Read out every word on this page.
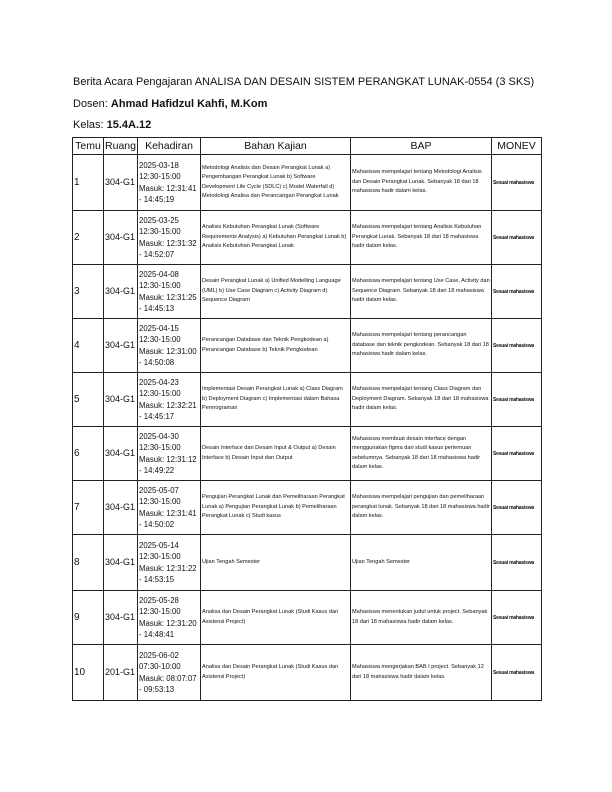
Berita Acara Pengajaran ANALISA DAN DESAIN SISTEM PERANGKAT LUNAK-0554 (3 SKS)

Dosen: Ahmad Hafidzul Kahfi, M.Kom

Kelas: 15.4A.12

Temu	Ruang	Kehadiran	Bahan Kajian	BAP	MONEV
1	304-G1	2025-03-18
12:30-15:00
Masuk: 12:31:41
- 14:45:19	Metodologi Analisis dan Desain Perangkat Lunak a) Pengembangan Perangkat Lunak b) Software Development Life Cycle (SDLC) c) Model Waterfall d) Metodologi Analisa dan Perancangan Perangkat Lunak	Mahasiswa mempelajari tentang Metodologi Analisis dan Desain Perangkat Lunak. Sebanyak 18 dari 18 mahasiswa hadir dalam kelas.	Sesuai mahasiswa
2	304-G1	2025-03-25
12:30-15:00
Masuk: 12:31:32
- 14:52:07	Analisis Kebutuhan Perangkat Lunak (Software Requirements Analysis) a) Kebutuhan Perangkat Lunak b) Analisis Kebutuhan Perangkat Lunak	Mahasiswa mempelajari tentang Analisis Kebutuhan Perangkat Lunak. Sebanyak 18 dari 18 mahasiswa hadir dalam kelas.	Sesuai mahasiswa
3	304-G1	2025-04-08
12:30-15:00
Masuk: 12:31:25
- 14:45:13	Desain Perangkat Lunak a) Unified Modelling Language (UML) b) Use Case Diagram c) Activity Diagram d) Sequence Diagram	Mahasiswa mempelajari tentang Use Case, Activity dan Sequence Diagram. Sebanyak 18 dari 18 mahasiswa hadir dalam kelas.	Sesuai mahasiswa
4	304-G1	2025-04-15
12:30-15:00
Masuk: 12:31:00
- 14:50:08	Perancangan Database dan Teknik Pengkodean a) Perancangan Database b) Teknik Pengkodean	Mahasiswa mempelajari tentang perancangan database dan teknik pengkodean. Sebanyak 18 dari 18 mahasiswa hadir dalam kelas.	Sesuai mahasiswa
5	304-G1	2025-04-23
12:30-15:00
Masuk: 12:32:21
- 14:45:17	Implementasi Desain Perangkat Lunak a) Class Diagram b) Deployment Diagram c) Implementasi dalam Bahasa Pemrograman	Mahasiswa mempelajari tentang Class Diagram dan Deployment Diagram. Sebanyak 18 dari 18 mahasiswa hadir dalam kelas.	Sesuai mahasiswa
6	304-G1	2025-04-30
12:30-15:00
Masuk: 12:31:12
- 14:49:22	Desain Interface dan Desain Input & Output a) Desain Interface b) Desain Input dan Output	Mahasiswa membuat desain interface dengan menggunakan figma dari studi kasus pertemuan sebelumnya. Sebanyak 18 dari 18 mahasiswa hadir dalam kelas.	Sesuai mahasiswa
7	304-G1	2025-05-07
12:30-15:00
Masuk: 12:31:41
- 14:50:02	Pengujian Perangkat Lunak dan Pemeliharaan Perangkat Lunak a) Pengujian Perangkat Lunak b) Pemeliharaan Perangkat Lunak c) Studi kasus	Mahasiswa mempelajari pengujian dan pemeliharaan perangkat lunak. Sebanyak 18 dari 18 mahasiswa hadir dalam kelas.	Sesuai mahasiswa
8	304-G1	2025-05-14
12:30-15:00
Masuk: 12:31:22
- 14:53:15	Ujian Tengah Semester	Ujian Tengah Semester	Sesuai mahasiswa
9	304-G1	2025-05-28
12:30-15:00
Masuk: 12:31:20
- 14:48:41	Analisa dan Desain Perangkat Lunak (Studi Kasus dan Asistensi Project)	Mahasiswa menentukan judul untuk project. Sebanyak 18 dari 18 mahasiswa hadir dalam kelas.	Sesuai mahasiswa
10	201-G1	2025-06-02
07:30-10:00
Masuk: 08:07:07
- 09:53:13	Analisa dan Desain Perangkat Lunak (Studi Kasus dan Asistensi Project)	Mahasiswa mengerjakan BAB I project. Sebanyak 12 dari 18 mahasiswa hadir dalam kelas.	Sesuai mahasiswa
